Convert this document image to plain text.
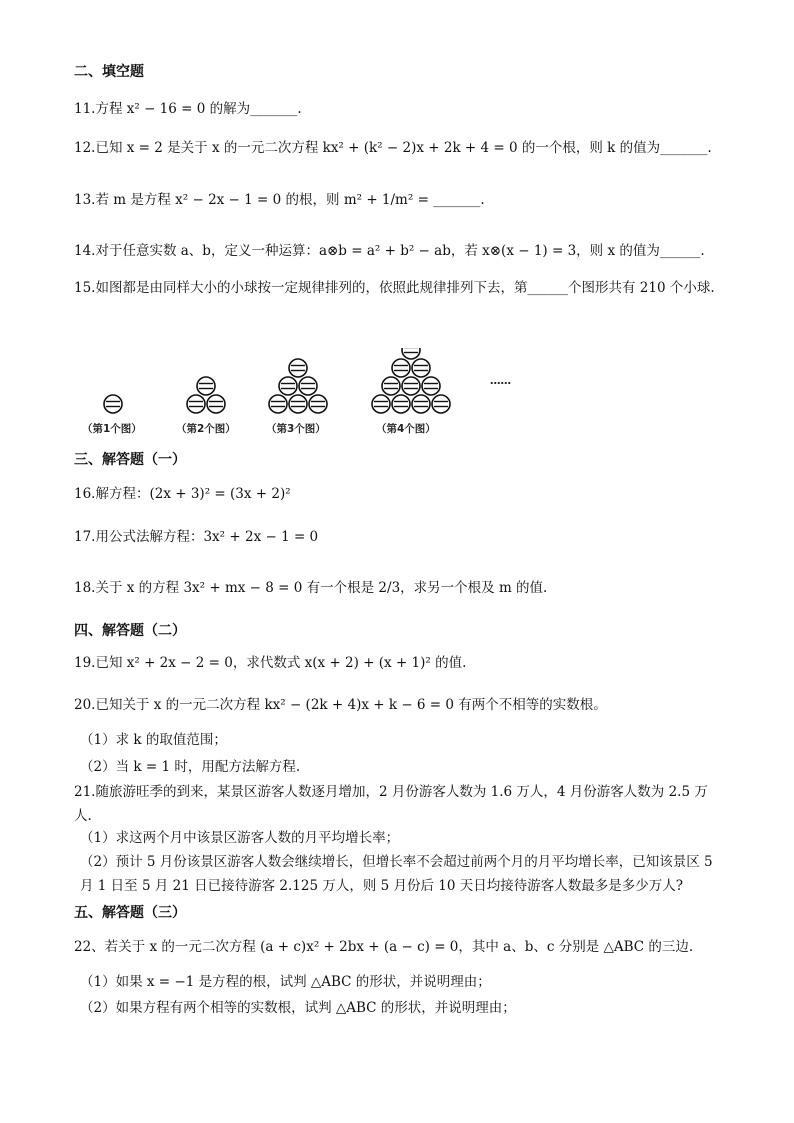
二、填空题
11.方程 x² − 16 = 0 的解为_______.
12.已知 x = 2 是关于 x 的一元二次方程 kx² + (k² − 2)x + 2k + 4 = 0 的一个根，则 k 的值为_______.
13.若 m 是方程 x² − 2x − 1 = 0 的根，则 m² + 1/m² = _______.
14.对于任意实数 a、b，定义一种运算：a⊗b = a² + b² − ab，若 x⊗(x − 1) = 3，则 x 的值为______.
15.如图都是由同样大小的小球按一定规律排列的，依照此规律排列下去，第______个图形共有 210 个小球.
（第1个图）	（第2个图）	（第3个图）	（第4个图）
……
三、解答题（一）
16.解方程：(2x + 3)² = (3x + 2)²
17.用公式法解方程：3x² + 2x − 1 = 0
18.关于 x 的方程 3x² + mx − 8 = 0 有一个根是 2/3，求另一个根及 m 的值.
四、解答题（二）
19.已知 x² + 2x − 2 = 0，求代数式 x(x + 2) + (x + 1)² 的值.
20.已知关于 x 的一元二次方程 kx² − (2k + 4)x + k − 6 = 0 有两个不相等的实数根。
（1）求 k 的取值范围；
（2）当 k = 1 时，用配方法解方程.
21.随旅游旺季的到来，某景区游客人数逐月增加，2 月份游客人数为 1.6 万人，4 月份游客人数为 2.5 万人.
（1）求这两个月中该景区游客人数的月平均增长率；
（2）预计 5 月份该景区游客人数会继续增长，但增长率不会超过前两个月的月平均增长率，已知该景区 5 月 1 日至 5 月 21 日已接待游客 2.125 万人，则 5 月份后 10 天日均接待游客人数最多是多少万人?
五、解答题（三）
22、若关于 x 的一元二次方程 (a + c)x² + 2bx + (a − c) = 0，其中 a、b、c 分别是 △ABC 的三边.
（1）如果 x = −1 是方程的根，试判 △ABC 的形状，并说明理由；
（2）如果方程有两个相等的实数根，试判 △ABC 的形状，并说明理由；
